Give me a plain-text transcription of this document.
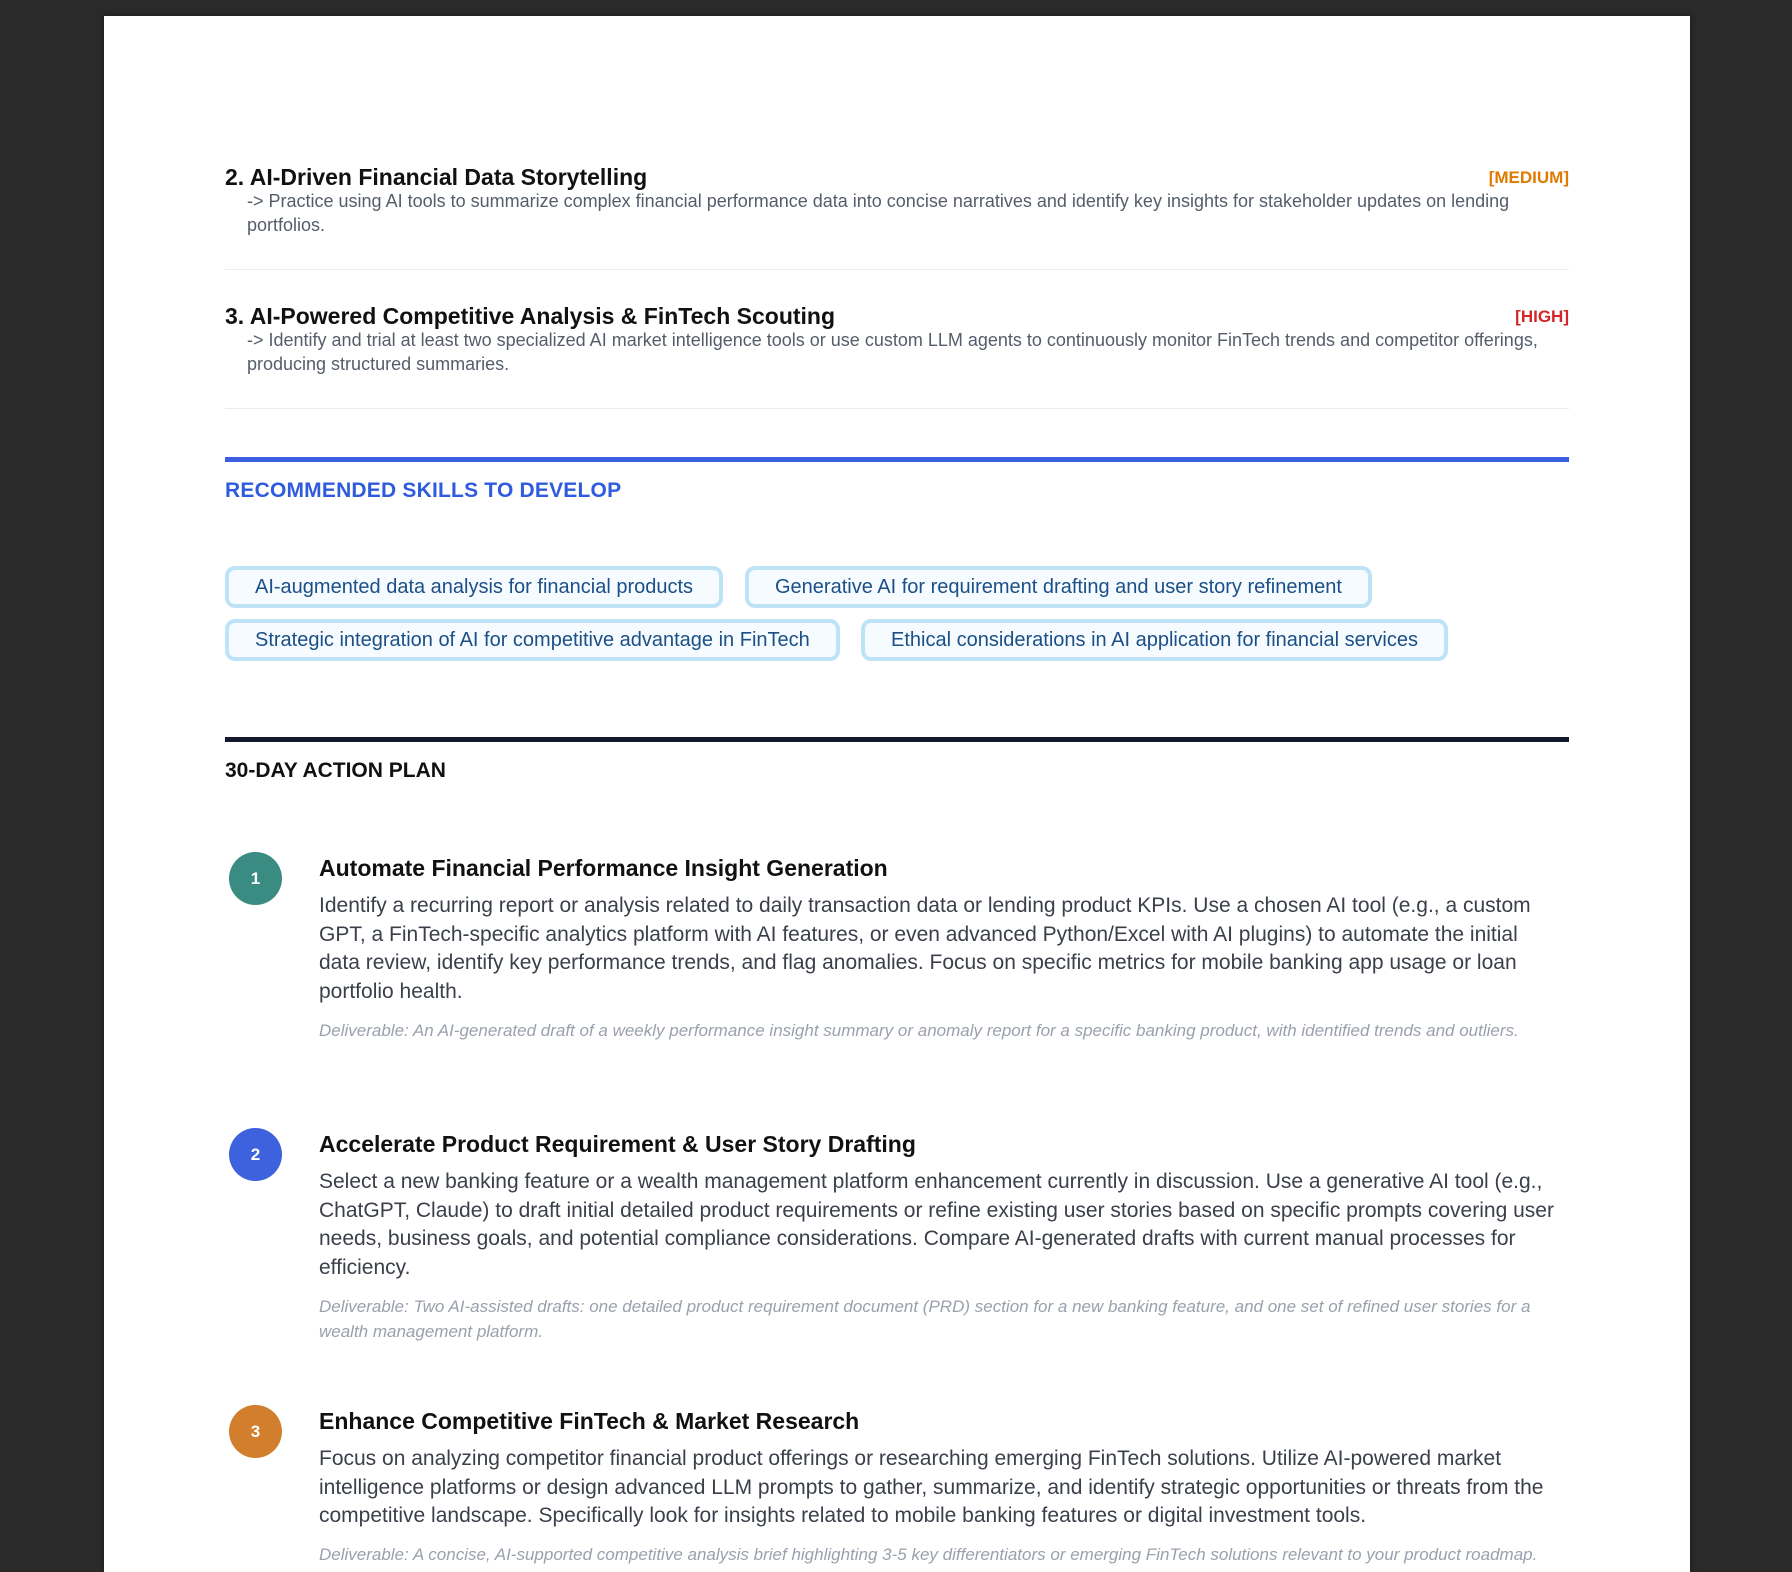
2. AI-Driven Financial Data Storytelling	[MEDIUM]
-> Practice using AI tools to summarize complex financial performance data into concise narratives and identify key insights for stakeholder updates on lending portfolios.
3. AI-Powered Competitive Analysis & FinTech Scouting	[HIGH]
-> Identify and trial at least two specialized AI market intelligence tools or use custom LLM agents to continuously monitor FinTech trends and competitor offerings, producing structured summaries.
RECOMMENDED SKILLS TO DEVELOP
AI-augmented data analysis for financial products	Generative AI for requirement drafting and user story refinement
Strategic integration of AI for competitive advantage in FinTech	Ethical considerations in AI application for financial services
30-DAY ACTION PLAN
1	Automate Financial Performance Insight Generation
Identify a recurring report or analysis related to daily transaction data or lending product KPIs. Use a chosen AI tool (e.g., a custom GPT, a FinTech-specific analytics platform with AI features, or even advanced Python/Excel with AI plugins) to automate the initial data review, identify key performance trends, and flag anomalies. Focus on specific metrics for mobile banking app usage or loan portfolio health.
Deliverable: An AI-generated draft of a weekly performance insight summary or anomaly report for a specific banking product, with identified trends and outliers.
2	Accelerate Product Requirement & User Story Drafting
Select a new banking feature or a wealth management platform enhancement currently in discussion. Use a generative AI tool (e.g., ChatGPT, Claude) to draft initial detailed product requirements or refine existing user stories based on specific prompts covering user needs, business goals, and potential compliance considerations. Compare AI-generated drafts with current manual processes for efficiency.
Deliverable: Two AI-assisted drafts: one detailed product requirement document (PRD) section for a new banking feature, and one set of refined user stories for a wealth management platform.
3	Enhance Competitive FinTech & Market Research
Focus on analyzing competitor financial product offerings or researching emerging FinTech solutions. Utilize AI-powered market intelligence platforms or design advanced LLM prompts to gather, summarize, and identify strategic opportunities or threats from the competitive landscape. Specifically look for insights related to mobile banking features or digital investment tools.
Deliverable: A concise, AI-supported competitive analysis brief highlighting 3-5 key differentiators or emerging FinTech solutions relevant to your product roadmap.
